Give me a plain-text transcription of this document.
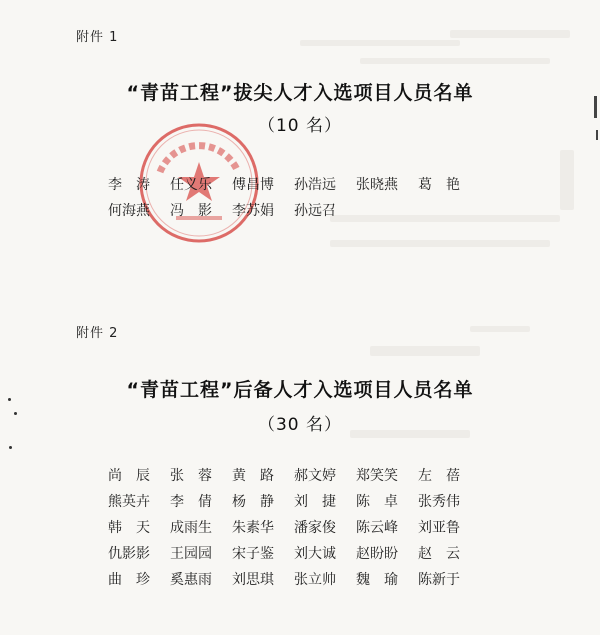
附件 1
“青苗工程”拔尖人才入选项目人员名单
（10 名）
李　涛	任义乐	傅昌博	孙浩远	张晓燕	葛　艳
何海燕	冯　影	李苏娟	孙远召
附件 2
“青苗工程”后备人才入选项目人员名单
（30 名）
尚　辰	张　蓉	黄　路	郝文婷	郑笑笑	左　蓓
熊英卉	李　倩	杨　静	刘　捷	陈　卓	张秀伟
韩　天	成雨生	朱素华	潘家俊	陈云峰	刘亚鲁
仇影影	王园园	宋子鉴	刘大诚	赵盼盼	赵　云
曲　珍	奚惠雨	刘思琪	张立帅	魏　瑜	陈新于
